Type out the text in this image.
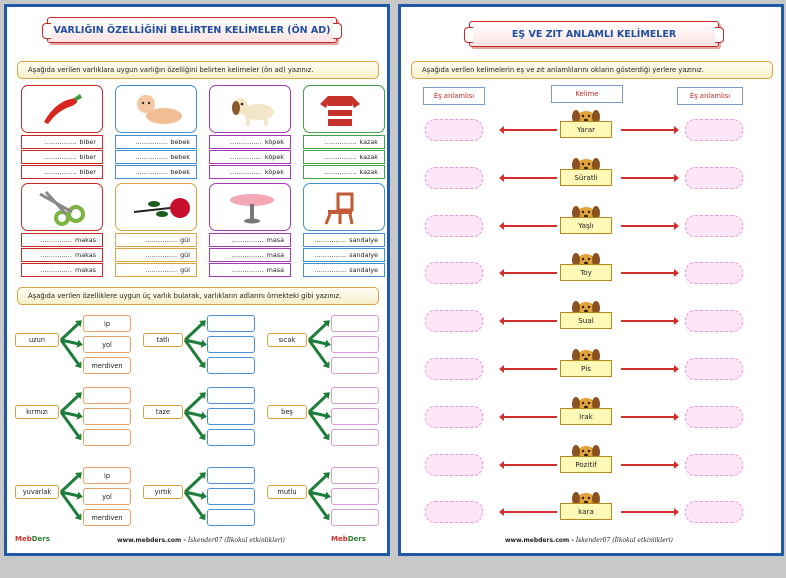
VARLIĞIN ÖZELLİĞİNİ BELİRTEN KELİMELER (ÖN AD)
Aşağıda verilen varlıklara uygun varlığın özelliğini belirten kelimeler (ön ad) yazınız.
…………… biber
…………… biber
…………… biber
…………… bebek
…………… bebek
…………… bebek
…………… köpek
…………… köpek
…………… köpek
…………… kazak
…………… kazak
…………… kazak
…………… makas
…………… makas
…………… makas
…………… gül
…………… gül
…………… gül
…………… masa
…………… masa
…………… masa
…………… sandalye
…………… sandalye
…………… sandalye
Aşağıda verilen özelliklere uygun üç varlık bularak, varlıkların adlarını örnekteki gibi yazınız.
uzun
ip
yol
merdiven
tatlı	sıcak
kırmızı	taze	beş
yuvarlak
ip
yol
merdiven
yırtık	mutlu
MebDers	MebDers
www.mebders.com - İskender07 (İlkokul etkinlikleri)
EŞ VE ZIT ANLAMLI KELİMELER
Aşağıda verilen kelimelerin eş ve zıt anlamlılarını okların gösterdiği yerlere yazınız.
Eş anlamlısı	Kelime	Eş anlamlısı
Yarar
Süratli
Yaşlı
Toy
Sual
Pis
Irak
Pozitif
kara
www.mebders.com - İskender07 (İlkokul etkinlikleri)
